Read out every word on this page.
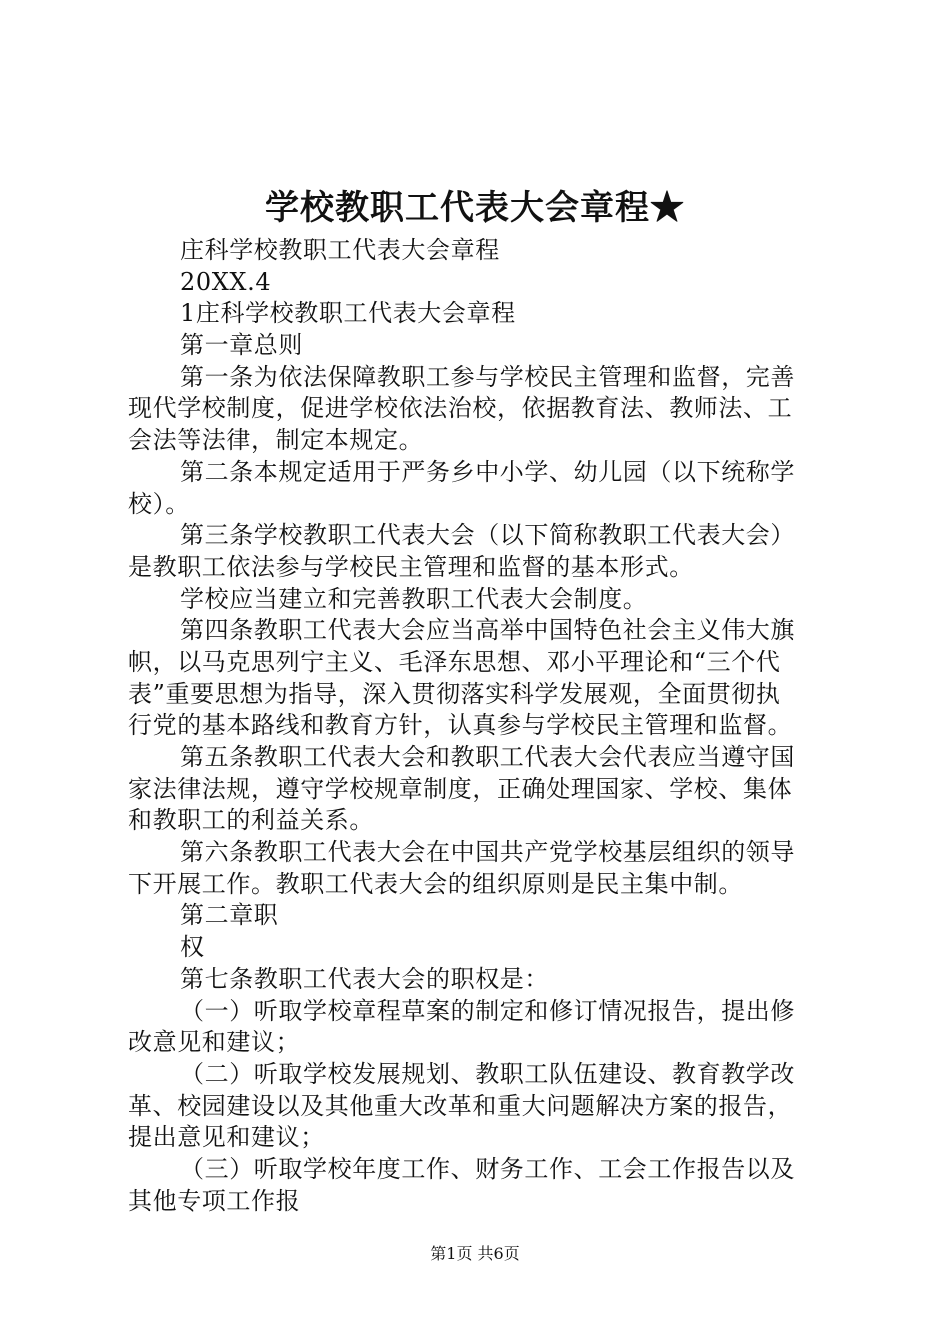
学校教职工代表大会章程★
庄科学校教职工代表大会章程
20XX.4
1庄科学校教职工代表大会章程
第一章总则
第一条为依法保障教职工参与学校民主管理和监督，完善
现代学校制度，促进学校依法治校，依据教育法、教师法、工
会法等法律，制定本规定。
第二条本规定适用于严务乡中小学、幼儿园（以下统称学
校）。
第三条学校教职工代表大会（以下简称教职工代表大会）
是教职工依法参与学校民主管理和监督的基本形式。
学校应当建立和完善教职工代表大会制度。
第四条教职工代表大会应当高举中国特色社会主义伟大旗
帜，以马克思列宁主义、毛泽东思想、邓小平理论和“三个代
表”重要思想为指导，深入贯彻落实科学发展观，全面贯彻执
行党的基本路线和教育方针，认真参与学校民主管理和监督。
第五条教职工代表大会和教职工代表大会代表应当遵守国
家法律法规，遵守学校规章制度，正确处理国家、学校、集体
和教职工的利益关系。
第六条教职工代表大会在中国共产党学校基层组织的领导
下开展工作。教职工代表大会的组织原则是民主集中制。
第二章职
权
第七条教职工代表大会的职权是：
（一）听取学校章程草案的制定和修订情况报告，提出修
改意见和建议；
（二）听取学校发展规划、教职工队伍建设、教育教学改
革、校园建设以及其他重大改革和重大问题解决方案的报告，
提出意见和建议；
（三）听取学校年度工作、财务工作、工会工作报告以及
其他专项工作报
第1页 共6页
